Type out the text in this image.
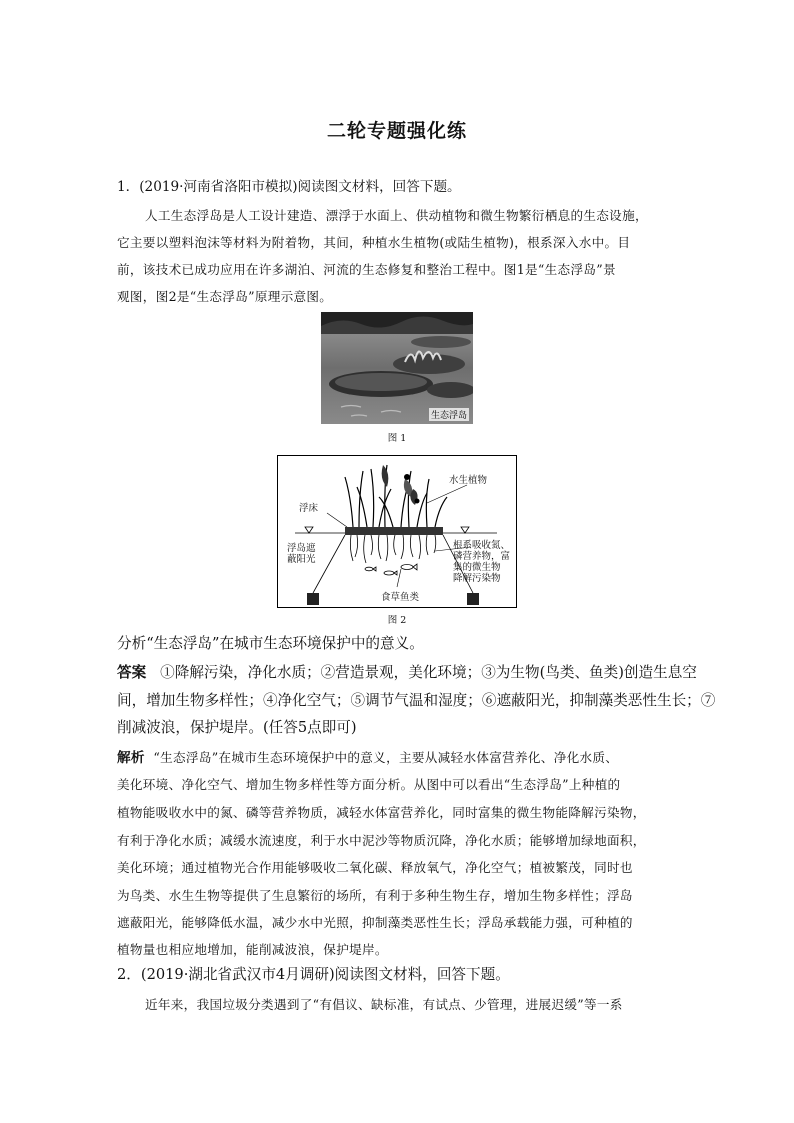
二轮专题强化练
1．(2019·河南省洛阳市模拟)阅读图文材料，回答下题。
人工生态浮岛是人工设计建造、漂浮于水面上、供动植物和微生物繁衍栖息的生态设施，
它主要以塑料泡沫等材料为附着物，其间，种植水生植物(或陆生植物)，根系深入水中。目
前，该技术已成功应用在许多湖泊、河流的生态修复和整治工程中。图1是“生态浮岛”景
观图，图2是“生态浮岛”原理示意图。
生态浮岛
图 1
水生植物
浮床
浮岛遮
蔽阳光
根系吸收氮、
磷营养物，富
集的微生物
降解污染物
食草鱼类
图 2
分析“生态浮岛”在城市生态环境保护中的意义。
答案 ①降解污染，净化水质；②营造景观，美化环境；③为生物(鸟类、鱼类)创造生息空
间，增加生物多样性；④净化空气；⑤调节气温和湿度；⑥遮蔽阳光，抑制藻类恶性生长；⑦
削减波浪，保护堤岸。(任答5点即可)
解析 “生态浮岛”在城市生态环境保护中的意义，主要从减轻水体富营养化、净化水质、
美化环境、净化空气、增加生物多样性等方面分析。从图中可以看出“生态浮岛”上种植的
植物能吸收水中的氮、磷等营养物质，减轻水体富营养化，同时富集的微生物能降解污染物，
有利于净化水质；减缓水流速度，利于水中泥沙等物质沉降，净化水质；能够增加绿地面积，
美化环境；通过植物光合作用能够吸收二氧化碳、释放氧气，净化空气；植被繁茂，同时也
为鸟类、水生生物等提供了生息繁衍的场所，有利于多种生物生存，增加生物多样性；浮岛
遮蔽阳光，能够降低水温，减少水中光照，抑制藻类恶性生长；浮岛承载能力强，可种植的
植物量也相应地增加，能削减波浪，保护堤岸。
2．(2019·湖北省武汉市4月调研)阅读图文材料，回答下题。
近年来，我国垃圾分类遇到了“有倡议、缺标准，有试点、少管理，进展迟缓”等一系
